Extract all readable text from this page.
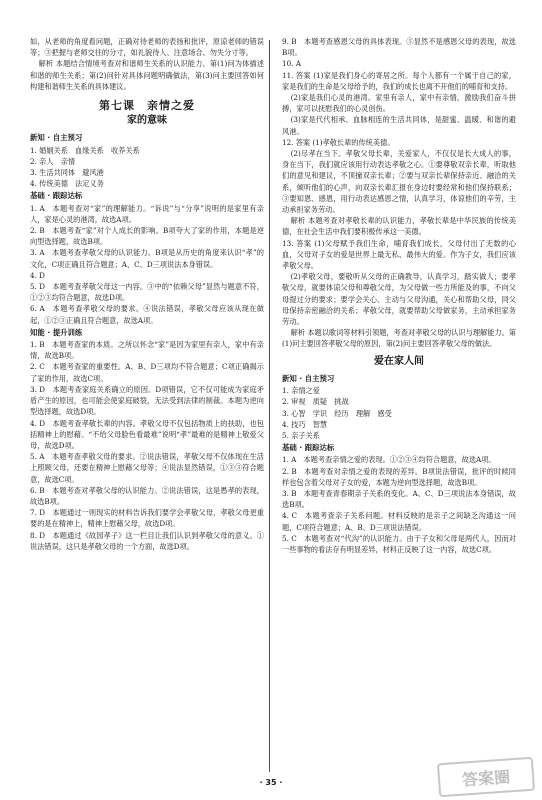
如，从老师的角度看问题，正确对待老师的表扬和批评，原谅老师的错误等；③把握与老师交往的分寸，如礼貌待人、注意场合、勿失分寸等。

解析 本题结合情境考查对和谐师生关系的认识能力。第(1)问为体描述和谐的师生关系；第(2)问针对具体问题明确做法，第(3)问主要回答如何构建和谐师生关系的具体建议。

第七课　亲情之爱
家的意味
新知 · 自主预习

1. 婚姻关系　血缘关系　收养关系

2. 亲人　亲情

3. 生活共同体　避风港

4. 传统美德　法定义务

基础 · 跟踪达标

1. A　本题考查对“家”的理解能力。“诉说”与“分享”说明的是家里有亲人，家是心灵的港湾，故选A项。

2. B　本题考查“家”对个人成长的影响。B项夸大了家的作用，本题是逆向型选择题，故选B项。

3. A　本题考查孝敬父母的认识能力。B项是从历史的角度来认识“孝”的文化，C项正确且符合题意；A、C、D三项说法本身错误。

4. D

5. D　本题考查孝敬父母这一内容。③中的“依赖父母”显然与题意不符，①②③均符合题意，故选D项。

6. A　本题考查孝敬父母的要求。④说法错误，孝敬父母应该从现在做起，①②③正确且符合题意，故选A项。

知能 · 提升训练

1. B　本题考查家的本质。之所以怀念“家”是因为家里有亲人，家中有亲情，故选B项。

2. C　本题考查家的重要性。A、B、D三项均不符合题意；C项正确揭示了家的作用，故选C项。

3. D　本题考查家庭关系确立的原因。D项错误，它不仅可能成为家庭矛盾产生的原因，也可能会使家庭破裂，无法受到法律的制裁。本题为逆向型选择题，故选D项。

4. D　本题考查孝敬长辈的内容。孝敬父母不仅包括物质上的扶助，也包括精神上的慰藉。“不给父母脸色看最难”说明“孝”最难的是精神上敬爱父母，故选D项。

5. A　本题考查孝敬父母的要求。②说法错误，孝敬父母不仅体现在生活上照顾父母，还要在精神上慰藉父母等；④说法显然错误，①③③符合题意，故选C项。

6. B　本题考查对孝敬父母的认识能力。②说法错误，这是愚孝的表现，故选B项。

7. D　本题通过一则现实的材料告诉我们要学会孝敬父母，孝敬父母更重要的是在精神上，精神上慰藉父母，故选D项。

8. D　本题通过《故园孝子》这一栏目让我们认识到孝敬父母的意义。①说法错误，这只是孝敬父母的一个方面，故选D项。

9. B　本题考查感恩父母的具体表现。⑤显然不是感恩父母的表现，故选B项。

10. A

11. 答案 (1)家是我们身心的寄居之所。每个人都有一个属于自己的家，家是我们的生命是父母给予的，我们的成长也离不开他们的哺育和支持。

(2)家是我们心灵的港湾。家里有亲人，家中有亲情，激励我们奋斗拼搏，家可以抚慰我们的心灵创伤。

(3)家是代代相承、血脉相连的生活共同体，是甜蜜、温暖、和谐的避风港。

12. 答案 (1)孝敬长辈的传统美德。

(2)尽孝在当下。孝敬父母长辈，关爱家人，不仅仅是长大成人的事，身在当下，我们就应该用行动表达孝敬之心。①要尊敬双亲长辈，听取他们的意见和建议，不顶撞双亲长辈；②要与双亲长辈保持亲近、融洽的关系，倾听他们的心声，向双亲长辈汇报在身边时要经常和他们保持联系；③要知恩、感恩，用行动表达感恩之情，认真学习，体谅他们的辛劳，主动承担家务劳动。

解析 本题考查对孝敬长辈的认识能力，孝敬长辈是中华民族的传统美德，在社会生活中我们要积极传承这一美德。

13. 答案 (1)父母赋予我们生命，哺育我们成长，父母付出了无数的心血，父母对子女的爱是世界上最无私、最伟大的爱。作为子女，我们应该孝敬父母。

(2)孝敬父母，要敬听从父母的正确教导，认真学习，踏实做人；要孝敬父母，就要体谅父母和尊敬父母，为父母做一些力所能及的事，不向父母提过分的要求；要学会关心、主动与父母沟通，关心和帮助父母，同父母保持亲密融洽的关系；孝敬父母，就要帮助父母做家务，主动承担家务劳动。

解析 本题以歌词等材料引领题，考查对孝敬父母的认识与理解能力。第(1)问主要回答孝敬父母的原因，第(2)问主要回答孝敬父母的做法。

爱在家人间
新知 · 自主预习

1. 亲情之爱

2. 审视　质疑　挑战

3. 心智　学识　经历　理解　感受

4. 技巧　智慧

5. 亲子关系

基础 · 跟踪达标

1. A　本题考查亲情之爱的表现。①②③④均符合题意，故选A项。

2. B　本题考查对亲情之爱的表现的差异。B项说法错误，批评的时候同样也包含着父母对子女的爱，本题为逆向型选择题，故选B项。

3. B　本题考查青春期亲子关系的变化。A、C、D三项说法本身错误，故选B项。

4. C　本题考查亲子关系问题。材料反映的是亲子之间缺乏沟通这一问题，C项符合题意；A、B、D三项说法错误。

5. C　本题考查对“代沟”的认识能力。由于子女和父母是两代人，因而对一些事物的看法存有明显差异，材料正反映了这一内容，故选C项。

· 35 ·	答案圈
